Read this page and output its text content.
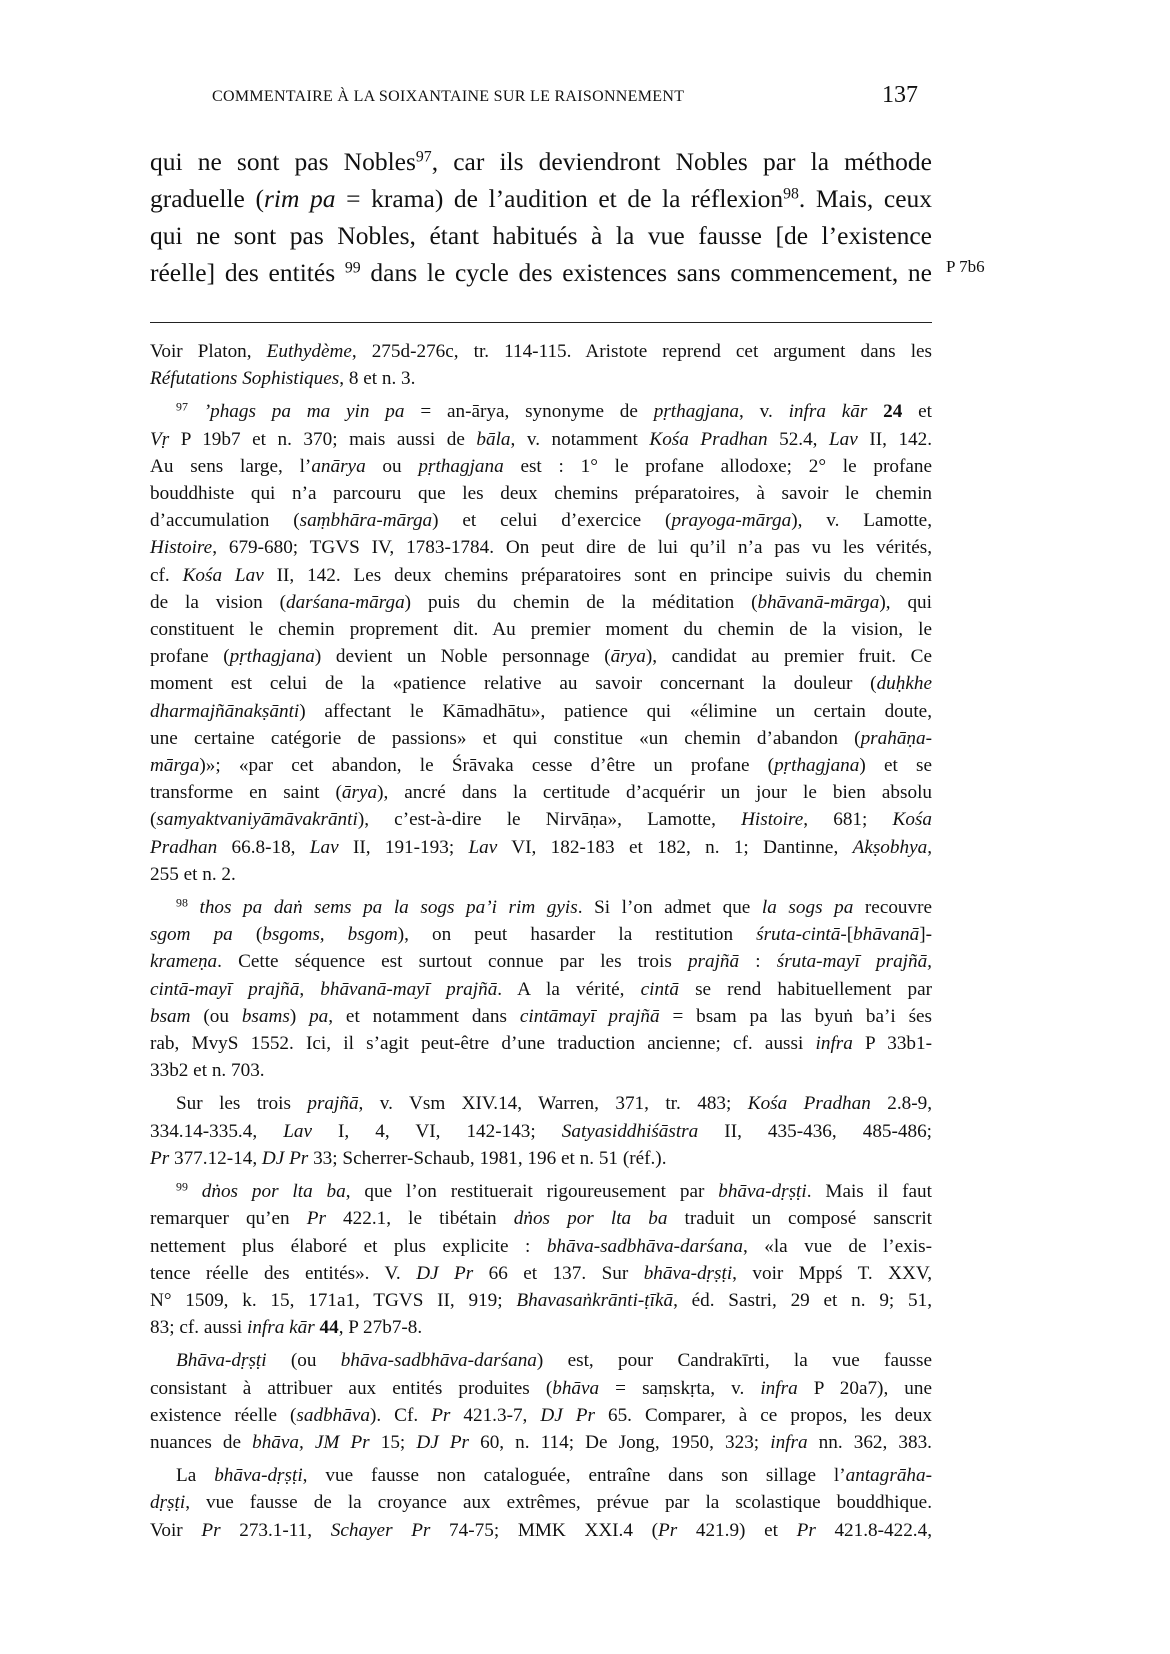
COMMENTAIRE À LA SOIXANTAINE SUR LE RAISONNEMENT	137
qui ne sont pas Nobles$^{97}$, car ils deviendront Nobles par la méthode
graduelle (rim pa = krama) de l’audition et de la réflexion$^{98}$. Mais, ceux
qui ne sont pas Nobles, étant habitués à la vue fausse [de l’existence
réelle] des entités $^{99}$ dans le cycle des existences sans commencement, ne P 7b6
Voir Platon, Euthydème, 275d-276c, tr. 114-115. Aristote reprend cet argument dans les
Réfutations Sophistiques, 8 et n. 3.
$^{97}$ ’phags pa ma yin pa = an-ārya, synonyme de pṛthagjana, v. infra kār 24 et
Vṛ P 19b7 et n. 370; mais aussi de bāla, v. notamment Kośa Pradhan 52.4, Lav II, 142.
Au sens large, l’anārya ou pṛthagjana est : 1° le profane allodoxe; 2° le profane
bouddhiste qui n’a parcouru que les deux chemins préparatoires, à savoir le chemin
d’accumulation (saṃbhāra-mārga) et celui d’exercice (prayoga-mārga), v. Lamotte,
Histoire, 679-680; TGVS IV, 1783-1784. On peut dire de lui qu’il n’a pas vu les vérités,
cf. Kośa Lav II, 142. Les deux chemins préparatoires sont en principe suivis du chemin
de la vision (darśana-mārga) puis du chemin de la méditation (bhāvanā-mārga), qui
constituent le chemin proprement dit. Au premier moment du chemin de la vision, le
profane (pṛthagjana) devient un Noble personnage (ārya), candidat au premier fruit. Ce
moment est celui de la «patience relative au savoir concernant la douleur (duḥkhe
dharmajñānakṣānti) affectant le Kāmadhātu», patience qui «élimine un certain doute,
une certaine catégorie de passions» et qui constitue «un chemin d’abandon (prahāṇa-
mārga)»; «par cet abandon, le Śrāvaka cesse d’être un profane (pṛthagjana) et se
transforme en saint (ārya), ancré dans la certitude d’acquérir un jour le bien absolu
(samyaktvaniyāmāvakrānti), c’est-à-dire le Nirvāṇa», Lamotte, Histoire, 681; Kośa
Pradhan 66.8-18, Lav II, 191-193; Lav VI, 182-183 et 182, n. 1; Dantinne, Akṣobhya,
255 et n. 2.
$^{98}$ thos pa daṅ sems pa la sogs pa’i rim gyis. Si l’on admet que la sogs pa recouvre
sgom pa (bsgoms, bsgom), on peut hasarder la restitution śruta-cintā-[bhāvanā]-
krameṇa. Cette séquence est surtout connue par les trois prajñā : śruta-mayī prajñā,
cintā-mayī prajñā, bhāvanā-mayī prajñā. A la vérité, cintā se rend habituellement par
bsam (ou bsams) pa, et notamment dans cintāmayī prajñā = bsam pa las byuṅ ba’i śes
rab, MvyS 1552. Ici, il s’agit peut-être d’une traduction ancienne; cf. aussi infra P 33b1-
33b2 et n. 703.
Sur les trois prajñā, v. Vsm XIV.14, Warren, 371, tr. 483; Kośa Pradhan 2.8-9,
334.14-335.4, Lav I, 4, VI, 142-143; Satyasiddhiśāstra II, 435-436, 485-486;
Pr 377.12-14, DJ Pr 33; Scherrer-Schaub, 1981, 196 et n. 51 (réf.).
$^{99}$ dṅos por lta ba, que l’on restituerait rigoureusement par bhāva-dṛṣṭi. Mais il faut
remarquer qu’en Pr 422.1, le tibétain dṅos por lta ba traduit un composé sanscrit
nettement plus élaboré et plus explicite : bhāva-sadbhāva-darśana, «la vue de l’exis-
tence réelle des entités». V. DJ Pr 66 et 137. Sur bhāva-dṛṣṭi, voir Mppś T. XXV,
N° 1509, k. 15, 171a1, TGVS II, 919; Bhavasaṅkrānti-ṭīkā, éd. Sastri, 29 et n. 9; 51,
83; cf. aussi infra kār 44, P 27b7-8.
Bhāva-dṛṣṭi (ou bhāva-sadbhāva-darśana) est, pour Candrakīrti, la vue fausse
consistant à attribuer aux entités produites (bhāva = saṃskṛta, v. infra P 20a7), une
existence réelle (sadbhāva). Cf. Pr 421.3-7, DJ Pr 65. Comparer, à ce propos, les deux
nuances de bhāva, JM Pr 15; DJ Pr 60, n. 114; De Jong, 1950, 323; infra nn. 362, 383.
La bhāva-dṛṣṭi, vue fausse non cataloguée, entraîne dans son sillage l’antagrāha-
dṛṣṭi, vue fausse de la croyance aux extrêmes, prévue par la scolastique bouddhique.
Voir Pr 273.1-11, Schayer Pr 74-75; MMK XXI.4 (Pr 421.9) et Pr 421.8-422.4,
